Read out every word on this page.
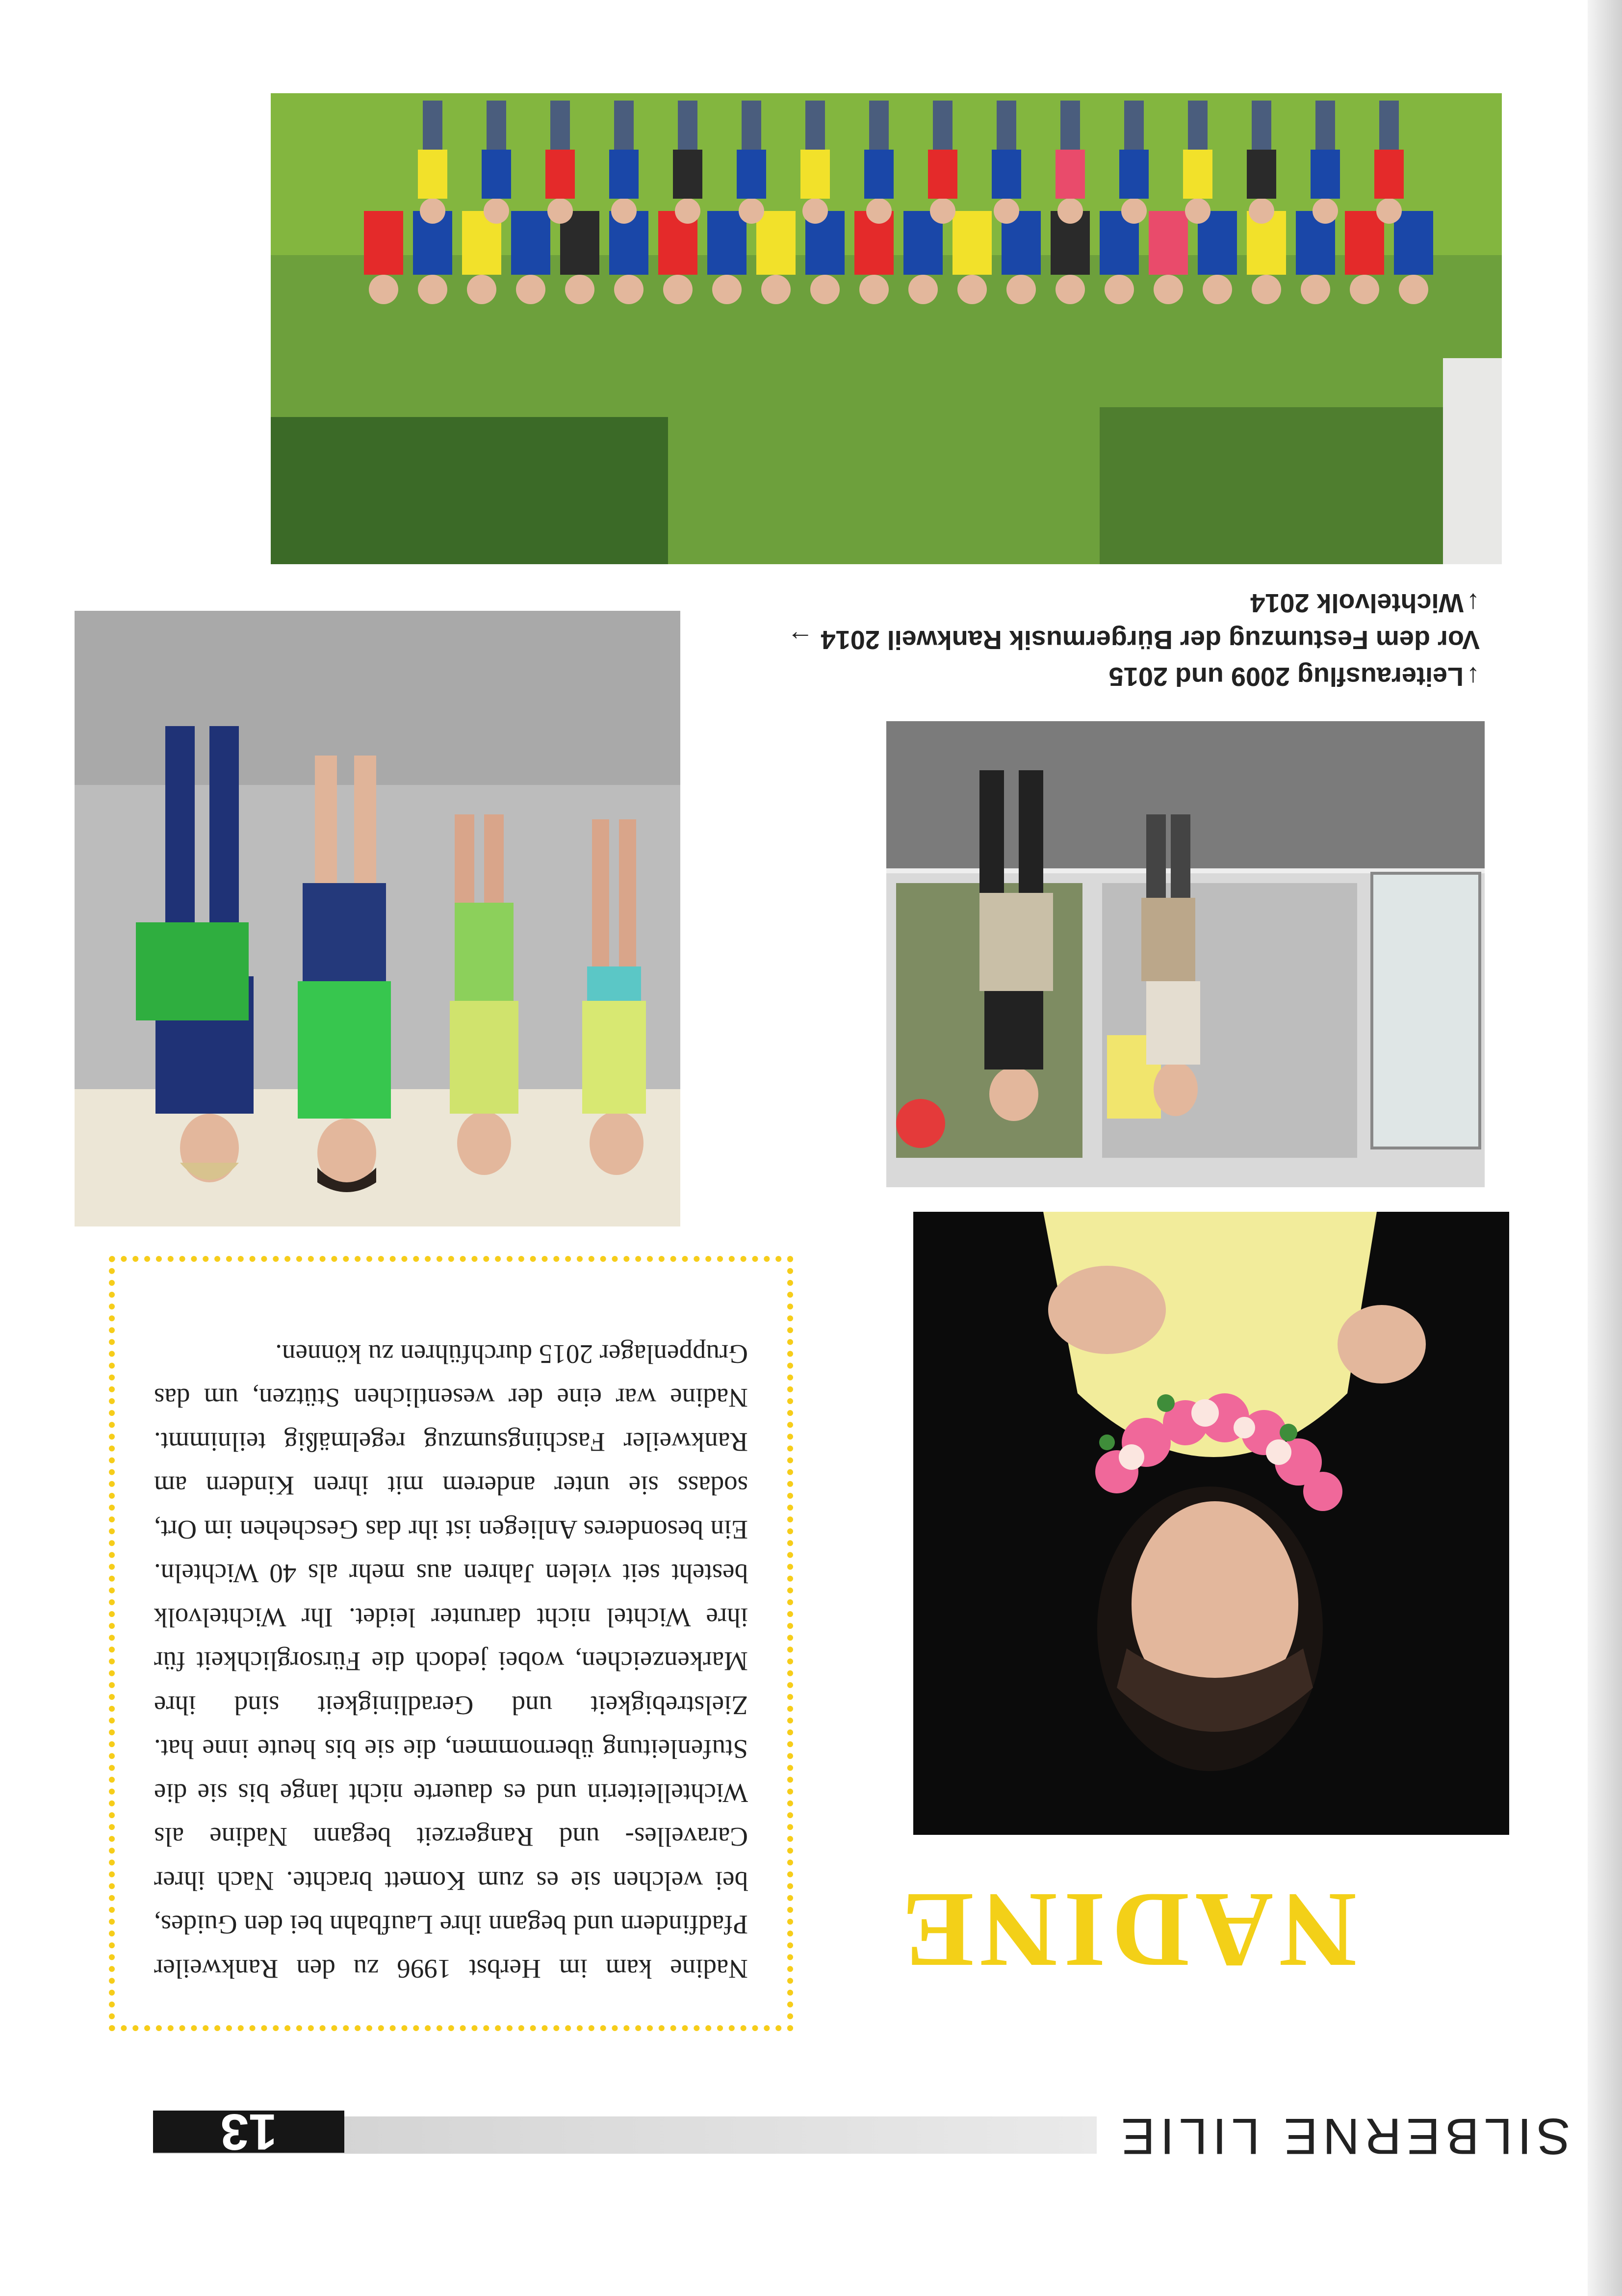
SILBERNE LILIE
13
NADINE

Nadine kam im Herbst 1996 zu den Rankweiler Pfadfindern und begann ihre Laufbahn bei den Guides, bei welchen sie es zum Komett brachte. Nach ihrer Caravelles- und Rangerzeit begann Nadine als Wichtelleiterin und es dauerte nicht lange bis sie die Stufenleitung übernommen, die sie bis heute inne hat. Zielstrebigkeit und Geradlinigkeit sind ihre Markenzeichen, wobei jedoch die Fürsorglichkeit für ihre Wichtel nicht darunter leidet. Ihr Wichtelvolk besteht seit vielen Jahren aus mehr als 40 Wichteln. Ein besonderes Anliegen ist ihr das Geschehen im Ort, sodass sie unter anderem mit ihren Kindern am Rankweiler Faschingsumzug regelmäßig teilnimmt. Nadine war eine der wesentlichen Stützen, um das Gruppenlager 2015 durchführen zu können.

↓Leiterausflug 2009 und 2015
Vor dem Festumzug der Bürgermusik Rankweil 2014 →
↓Wichtelvolk 2014
